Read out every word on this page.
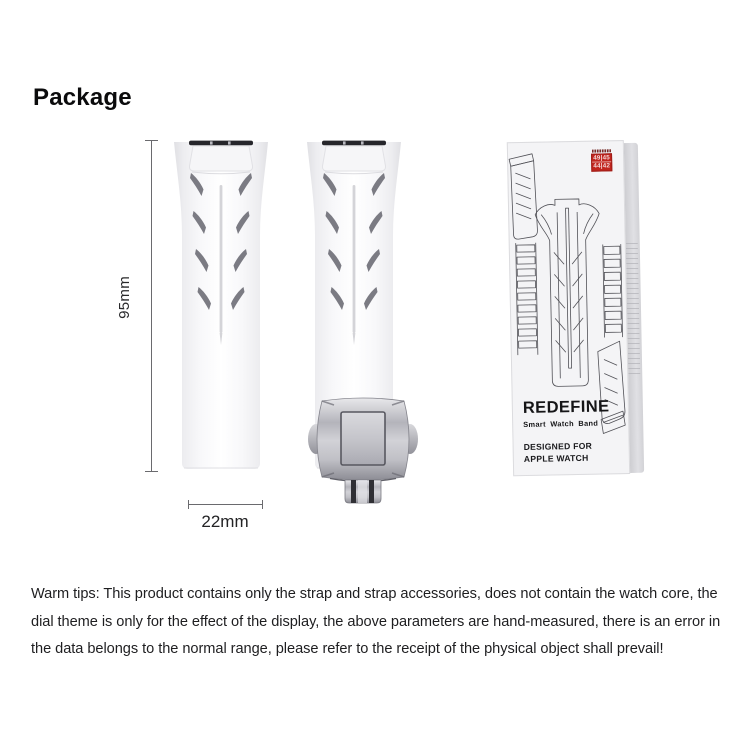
Package
95mm
22mm
49|45
44|42
REDEFINE
Smart Watch Band
DESIGNED FOR
APPLE WATCH

Warm tips: This product contains only the strap and strap accessories, does not contain the watch core, the dial theme is only for the effect of the display, the above parameters are hand-measured, there is an error in the data belongs to the normal range, please refer to the receipt of the physical object shall prevail!
